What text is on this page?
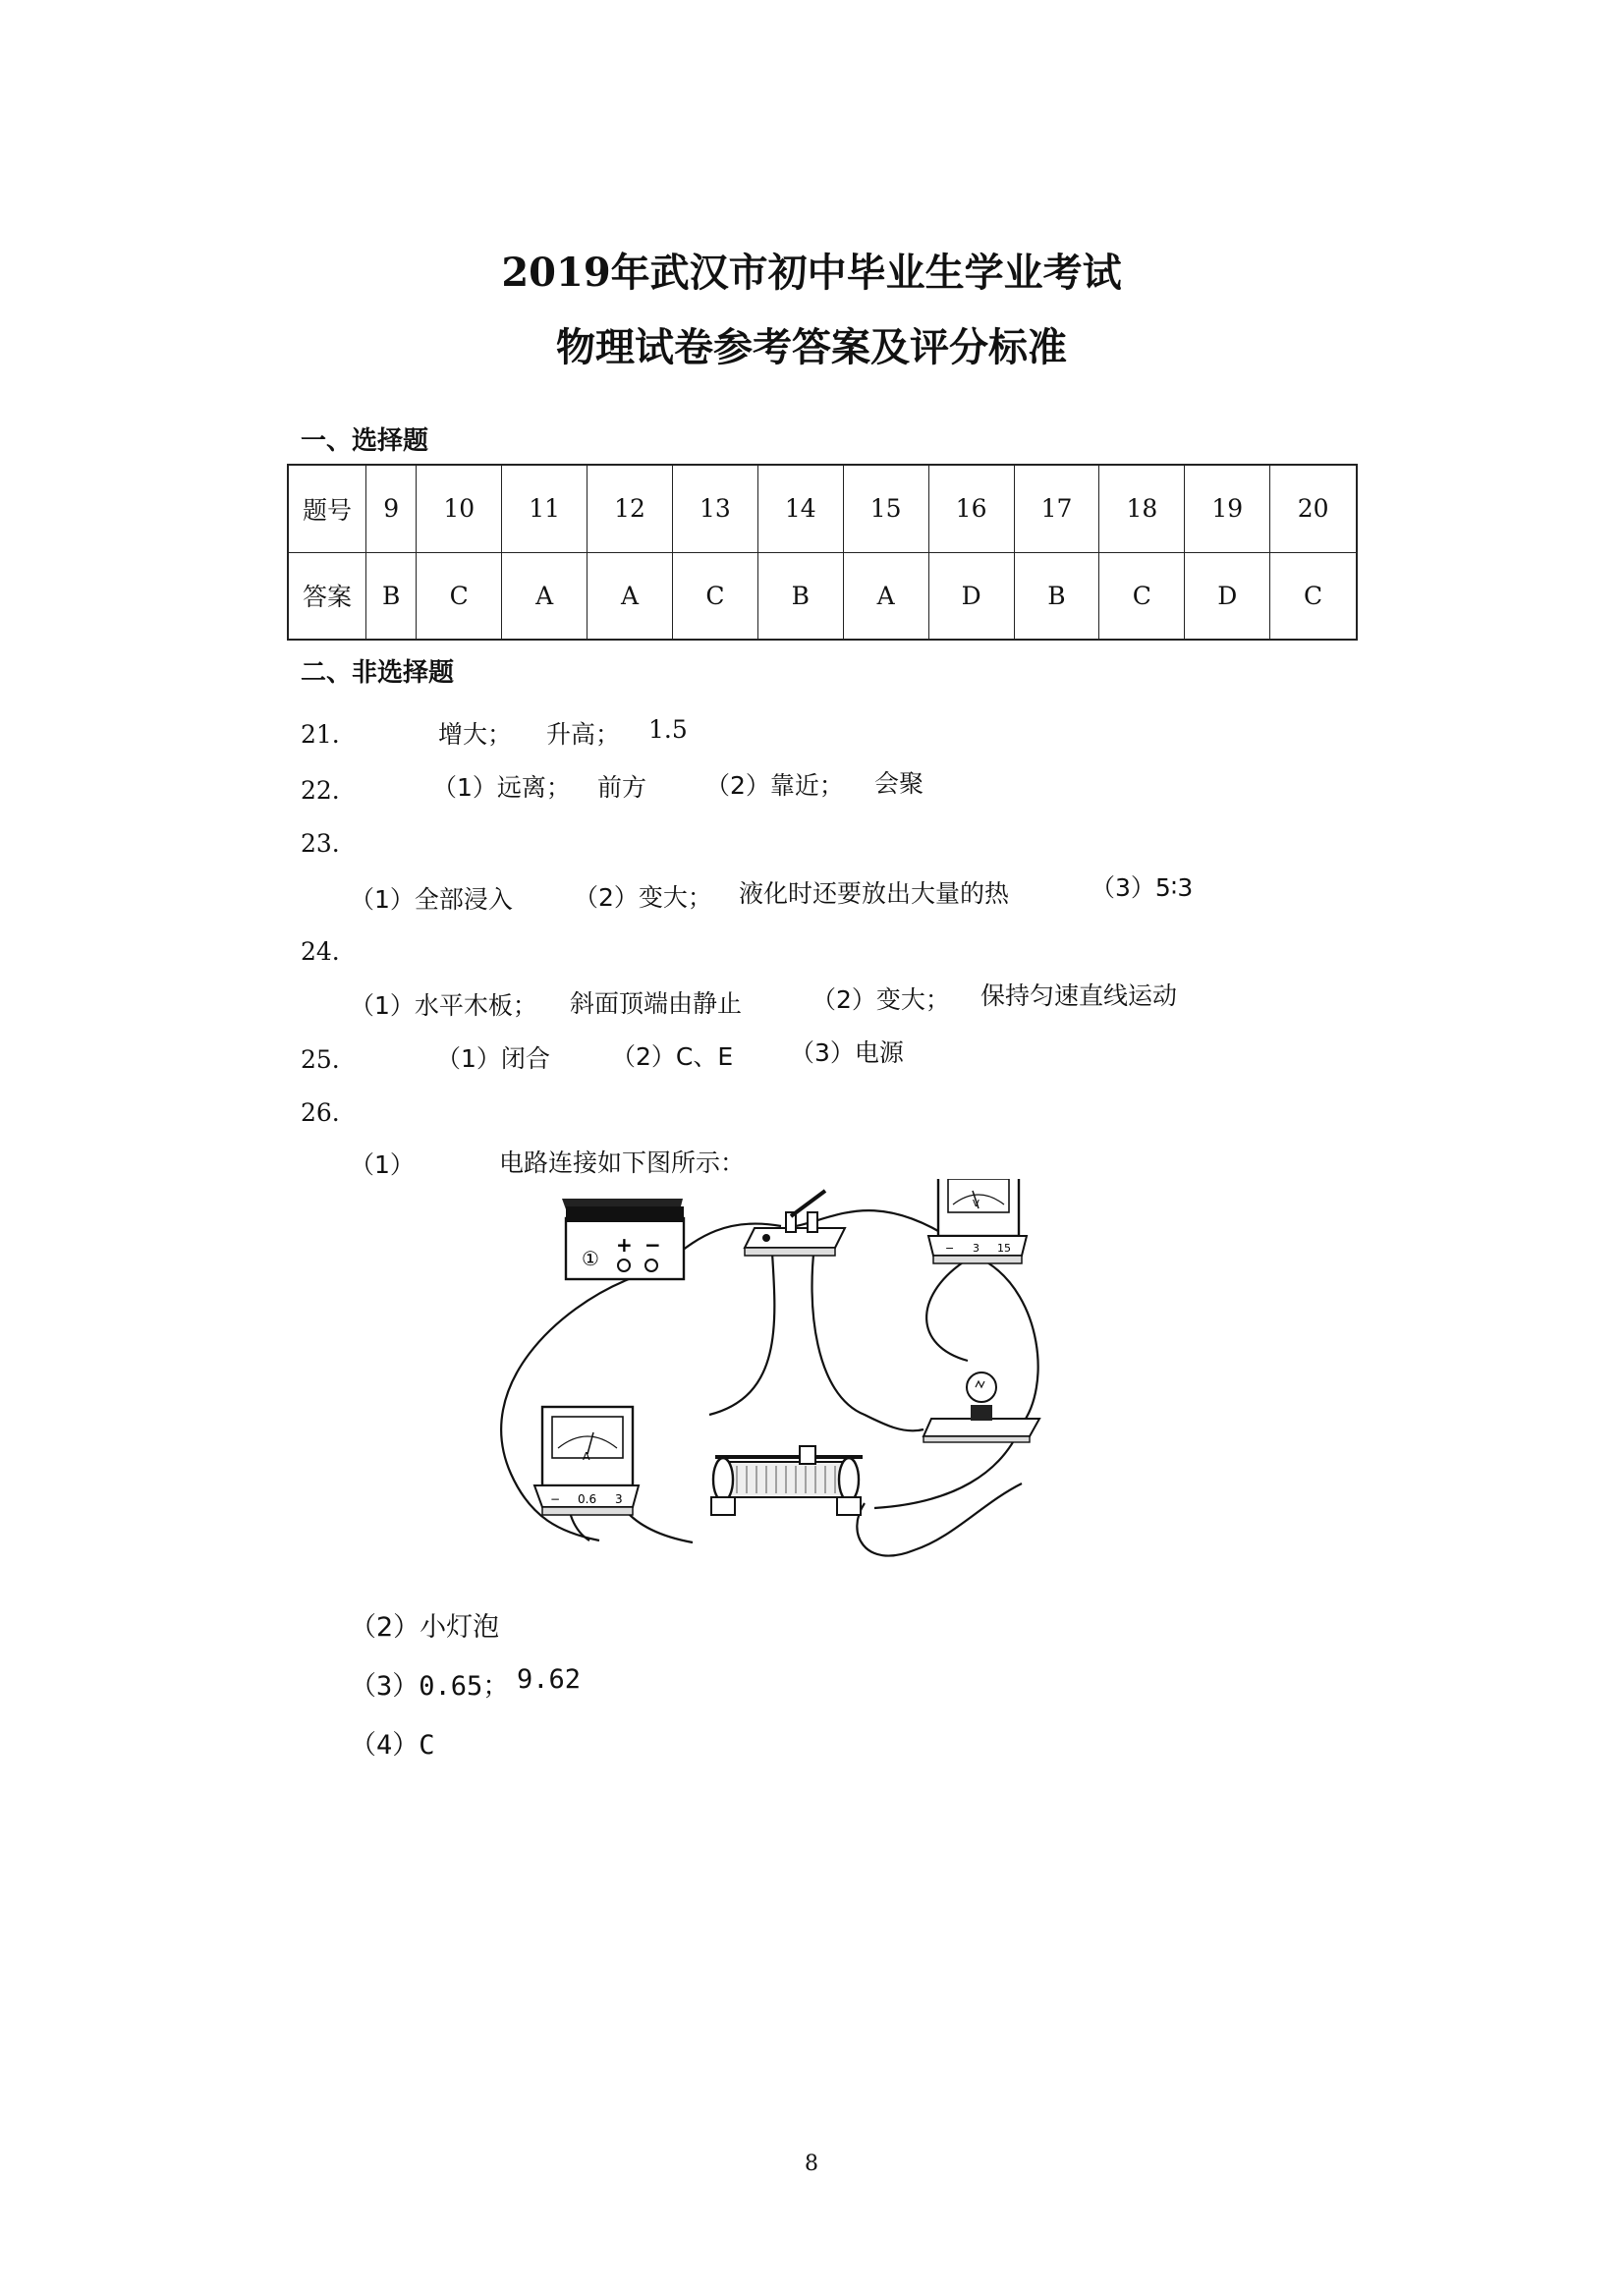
2019年武汉市初中毕业生学业考试
物理试卷参考答案及评分标准
一、选择题
题号	9	10	11	12	13	14	15	16	17	18	19	20
答案	B	C	A	A	C	B	A	D	B	C	D	C
二、非选择题
21.	增大； 升高； 1.5
22.	（1）远离； 前方 （2）靠近； 会聚
23.
（1）全部浸入 （2）变大； 液化时还要放出大量的热	（3）5∶3
24.
（1）水平木板； 斜面顶端由静止	（2）变大； 保持匀速直线运动
25.	（1）闭合 （2）C、E （3）电源
26.
（1）	电路连接如下图所示：
①
+ −
V
− 3 15
A
− 0.6 3
（2）小灯泡
（3）0.65； 9.62
（4）C
8
